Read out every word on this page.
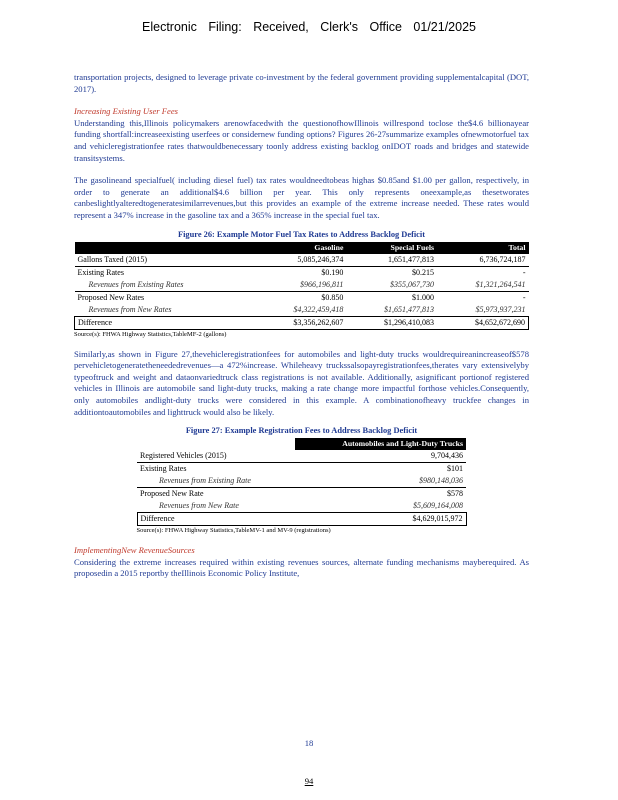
Electronic Filing: Received, Clerk's Office 01/21/2025

transportation projects, designed to leverage private co-investment by the federal government providing supplementalcapital (DOT, 2017).

Increasing Existing User Fees

Understanding this,Illinois policymakers arenowfacedwith the questionofhowIllinois willrespond toclose the$4.6 billionayear funding shortfall:increaseexisting userfees or considernew funding options? Figures 26-27summarize examples ofnewmotorfuel tax and vehicleregistrationfee rates thatwouldbenecessary toonly address existing backlog onIDOT roads and bridges and statewide transitsystems.

The gasolineand specialfuel( including diesel fuel) tax rates wouldneedtobeas highas $0.85and $1.00 per gallon, respectively, in order to generate an additional$4.6 billion per year. This only represents oneexample,as thesetworates canbeslightlyalteredtogeneratesimilarrevenues,but this provides an example of the extreme increase needed. These rates would represent a 347% increase in the gasoline tax and a 365% increase in the special fuel tax.

Figure 26: Example Motor Fuel Tax Rates to Address Backlog Deficit
	Gasoline	Special Fuels	Total
Gallons Taxed (2015)	5,085,246,374	1,651,477,813	6,736,724,187
Existing Rates	$0.190	$0.215	-
Revenues from Existing Rates	$966,196,811	$355,067,730	$1,321,264,541
Proposed New Rates	$0.850	$1.000	-
Revenues from New Rates	$4,322,459,418	$1,651,477,813	$5,973,937,231
Difference	$3,356,262,607	$1,296,410,083	$4,652,672,690
Source(s): FHWA Highway Statistics,TableMF-2 (gallons)

Similarly,as shown in Figure 27,thevehicleregistrationfees for automobiles and light-duty trucks wouldrequireanincreaseof$578 pervehicletogeneratetheneededrevenues—a 472%increase. Whileheavy truckssalsopayregistrationfees,therates vary extensivelyby typeoftruck and weight and dataonvariedtruck class registrations is not available. Additionally, asignificant portionof registered vehicles in Illinois are automobile sand light-duty trucks, making a rate change more impactful forthose vehicles.Consequently, only automobiles andlight-duty trucks were considered in this example. A combinationofheavy truckfee changes in additiontoautomobiles and lighttruck would also be likely.

Figure 27: Example Registration Fees to Address Backlog Deficit
	Automobiles and Light-Duty Trucks
Registered Vehicles (2015)	9,704,436
Existing Rates	$101
Revenues from Existing Rate	$980,148,036
Proposed New Rate	$578
Revenues from New Rate	$5,609,164,008
Difference	$4,629,015,972
Source(s): FHWA Highway Statistics,TableMV-1 and MV-9 (registrations)
ImplementingNew RevenueSources

Considering the extreme increases required within existing revenues sources, alternate funding mechanisms mayberequired. As proposedin a 2015 reportby theIllinois Economic Policy Institute,

18
94
